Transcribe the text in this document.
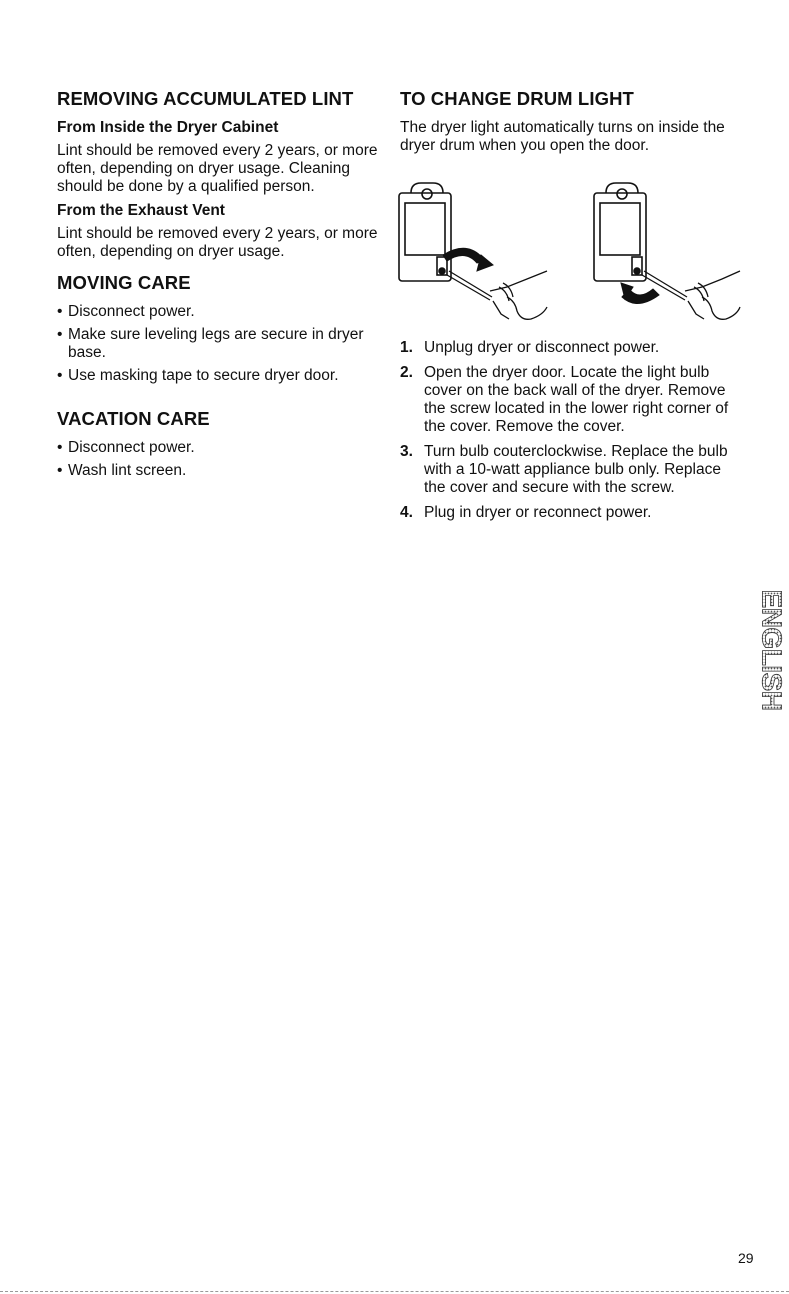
REMOVING ACCUMULATED LINT
From Inside the Dryer Cabinet

Lint should be removed every 2 years, or more often, depending on dryer usage. Cleaning should be done by a qualified person.

From the Exhaust Vent

Lint should be removed every 2 years, or more often, depending on dryer usage.

MOVING CARE
• Disconnect power.
• Make sure leveling legs are secure in dryer base.
• Use masking tape to secure dryer door.
VACATION CARE
• Disconnect power.
• Wash lint screen.
TO CHANGE DRUM LIGHT

The dryer light automatically turns on inside the dryer drum when you open the door.

1. Unplug dryer or disconnect power.
2. Open the dryer door. Locate the light bulb cover on the back wall of the dryer. Remove the screw located in the lower right corner of the cover. Remove the cover.
3. Turn bulb couterclockwise. Replace the bulb with a 10-watt appliance bulb only. Replace the cover and secure with the screw.
4. Plug in dryer or reconnect power.
ENGLISH
29
